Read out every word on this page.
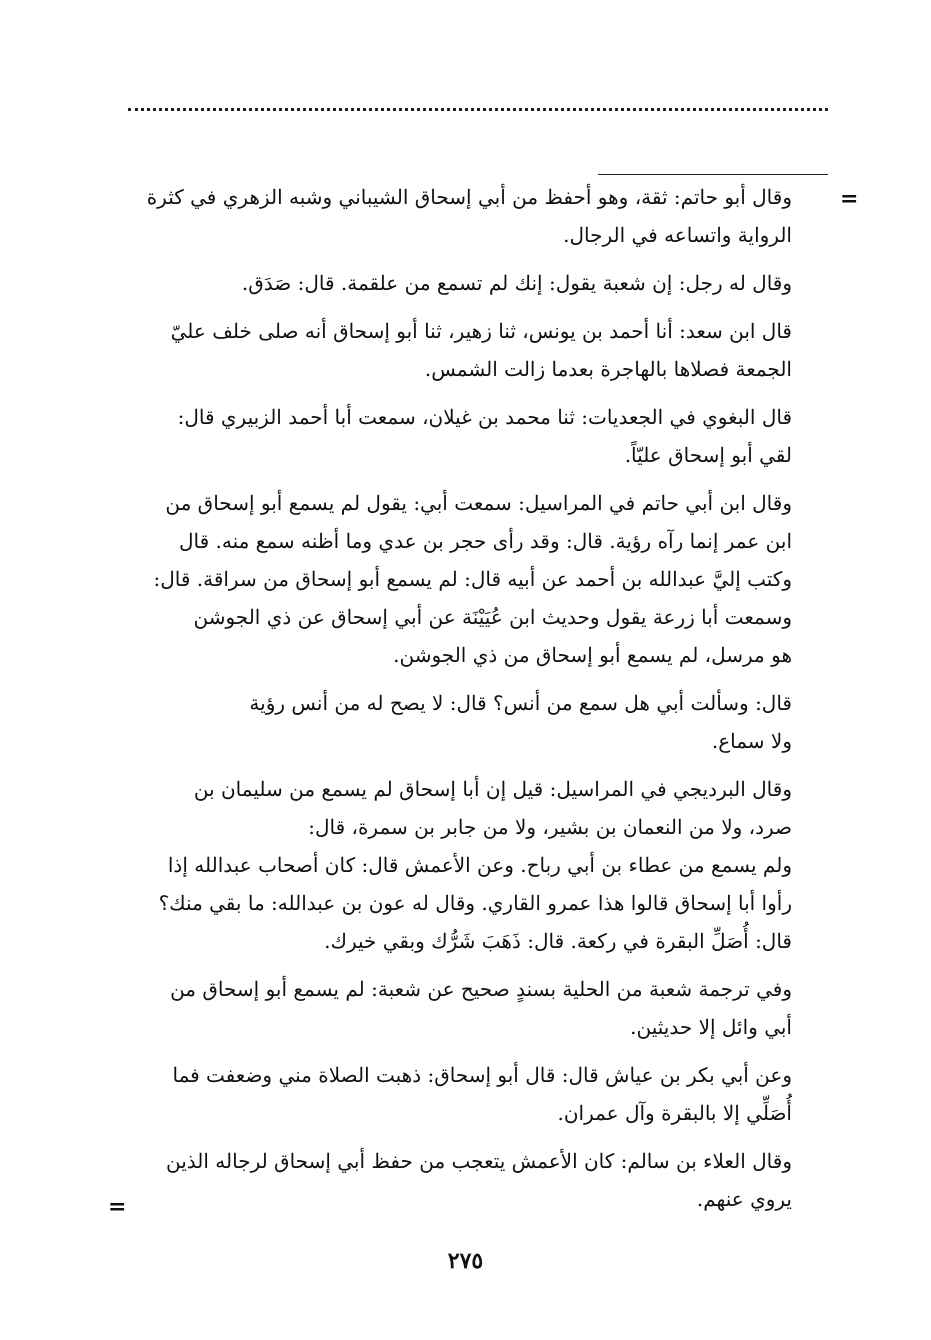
=

وقال أبو حاتم: ثقة، وهو أحفظ من أبي إسحاق الشيباني وشبه الزهري في كثرة
الرواية واتساعه في الرجال.

وقال له رجل: إن شعبة يقول: إنك لم تسمع من علقمة. قال: صَدَق.

قال ابن سعد: أنا أحمد بن يونس، ثنا زهير، ثنا أبو إسحاق أنه صلى خلف عليّ
الجمعة فصلاها بالهاجرة بعدما زالت الشمس.

قال البغوي في الجعديات: ثنا محمد بن غيلان، سمعت أبا أحمد الزبيري قال:
لقي أبو إسحاق عليّاً.

وقال ابن أبي حاتم في المراسيل: سمعت أبي: يقول لم يسمع أبو إسحاق من
ابن عمر إنما رآه رؤية. قال: وقد رأى حجر بن عدي وما أظنه سمع منه. قال
وكتب إليَّ عبدالله بن أحمد عن أبيه قال: لم يسمع أبو إسحاق من سراقة. قال:
وسمعت أبا زرعة يقول وحديث ابن عُيَيْنَة عن أبي إسحاق عن ذي الجوشن
هو مرسل، لم يسمع أبو إسحاق من ذي الجوشن.

قال: وسألت أبي هل سمع من أنس؟ قال: لا يصح له من أنس رؤية
ولا سماع.

وقال البرديجي في المراسيل: قيل إن أبا إسحاق لم يسمع من سليمان بن
صرد، ولا من النعمان بن بشير، ولا من جابر بن سمرة، قال:
ولم يسمع من عطاء بن أبي رباح. وعن الأعمش قال: كان أصحاب عبدالله إذا
رأوا أبا إسحاق قالوا هذا عمرو القاري. وقال له عون بن عبدالله: ما بقي منك؟
قال: أُصَلِّ البقرة في ركعة. قال: ذَهَبَ شَرُّك وبقي خيرك.

وفي ترجمة شعبة من الحلية بسندٍ صحيح عن شعبة: لم يسمع أبو إسحاق من
أبي وائل إلا حديثين.

وعن أبي بكر بن عياش قال: قال أبو إسحاق: ذهبت الصلاة مني وضعفت فما
أُصَلِّي إلا بالبقرة وآل عمران.

وقال العلاء بن سالم: كان الأعمش يتعجب من حفظ أبي إسحاق لرجاله الذين
يروي عنهم.

=
٢٧٥
